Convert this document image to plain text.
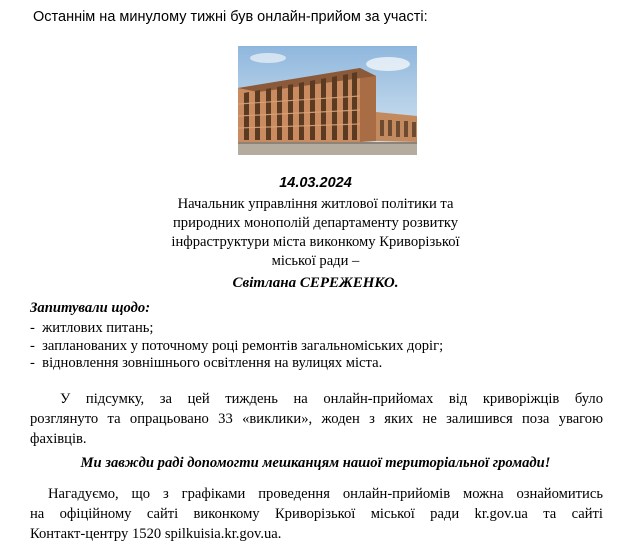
Останнім на минулому тижні був онлайн-прийом за участі:
14.03.2024
Начальник управління житлової політики та
природних монополій департаменту розвитку
інфраструктури міста виконкому Криворізької
міської ради –
Світлана СЕРЕЖЕНКО.
Запитували щодо:
-  житлових питань;
-  запланованих у поточному році ремонтів загальноміських доріг;
-  відновлення зовнішнього освітлення на вулицях міста.
У підсумку, за цей тиждень на онлайн-прийомах від криворіжців було
розглянуто та опрацьовано 33 «виклики», жоден з яких не залишився поза увагою
фахівців.
Ми завжди раді допомогти мешканцям нашої територіальної громади!
Нагадуємо, що з графіками проведення онлайн-прийомів можна ознайомитись
на офіційному сайті виконкому Криворізької міської ради kr.gov.ua та сайті
Контакт-центру 1520 spilkuisia.kr.gov.ua.
